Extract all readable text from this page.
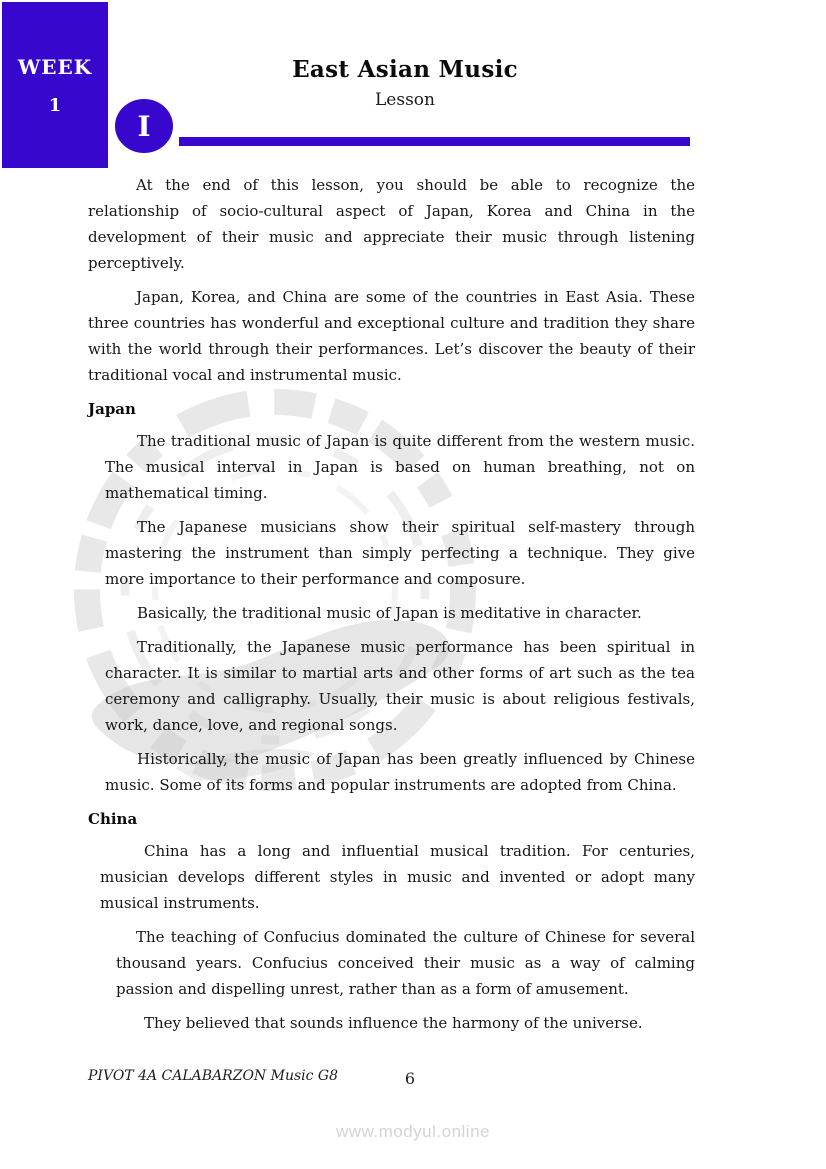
WEEK
1
I
East Asian Music
Lesson

At the end of this lesson, you should be able to recognize the relationship of socio-cultural aspect of Japan, Korea and China in the development of their music and appreciate their music through listening perceptively.

Japan, Korea, and China are some of the countries in East Asia. These three countries has wonderful and exceptional culture and tradition they share with the world through their performances. Let’s discover the beauty of their traditional vocal and instrumental music.

Japan

The traditional music of Japan is quite different from the western music. The musical interval in Japan is based on human breathing, not on mathematical timing.

The Japanese musicians show their spiritual self-mastery through mastering the instrument than simply perfecting a technique. They give more importance to their performance and composure.

Basically, the traditional music of Japan is meditative in character.

Traditionally, the Japanese music performance has been spiritual in character. It is similar to martial arts and other forms of art such as the tea ceremony and calligraphy. Usually, their music is about religious festivals, work, dance, love, and regional songs.

Historically, the music of Japan has been greatly influenced by Chinese music. Some of its forms and popular instruments are adopted from China.

China

China has a long and influential musical tradition. For centuries, musician develops different styles in music and invented or adopt many musical instruments.

The teaching of Confucius dominated the culture of Chinese for several thousand years. Confucius conceived their music as a way of calming passion and dispelling unrest, rather than as a form of amusement.

They believed that sounds influence the harmony of the universe.

PIVOT 4A CALABARZON Music G8	6
www.modyul.online
